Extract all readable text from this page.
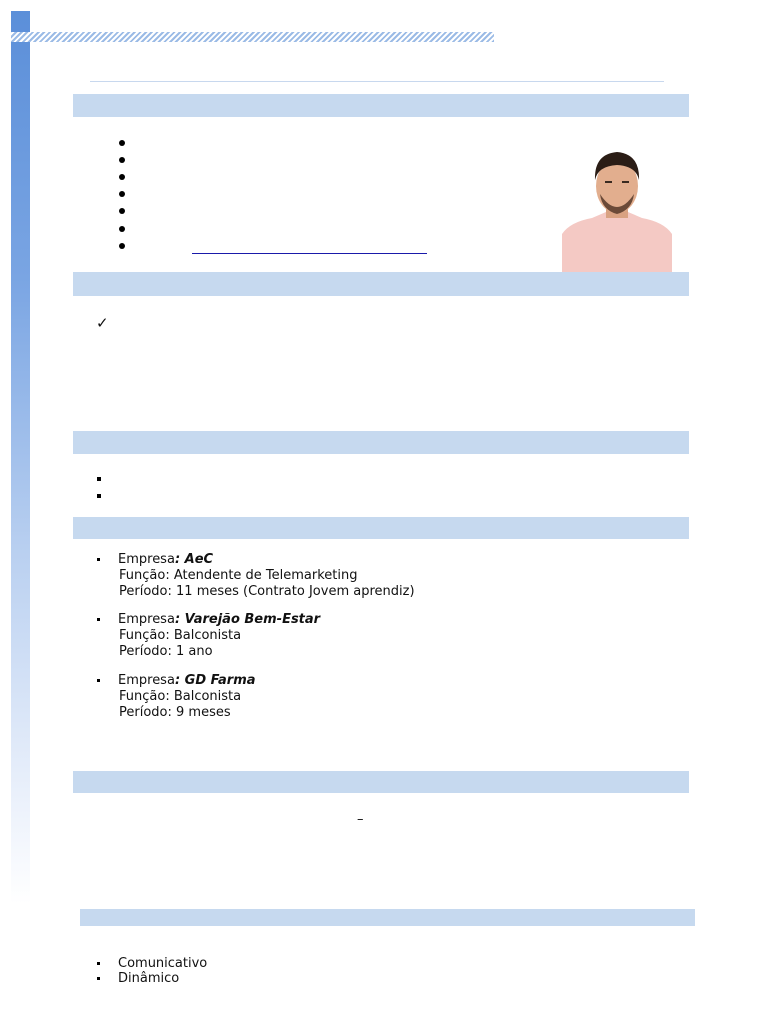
✓
Empresa: AeC
Função: Atendente de Telemarketing
Período: 11 meses (Contrato Jovem aprendiz)
Empresa: Varejão Bem-Estar
Função: Balconista
Período: 1 ano
Empresa: GD Farma
Função: Balconista
Período: 9 meses
–
Comunicativo
Dinâmico
